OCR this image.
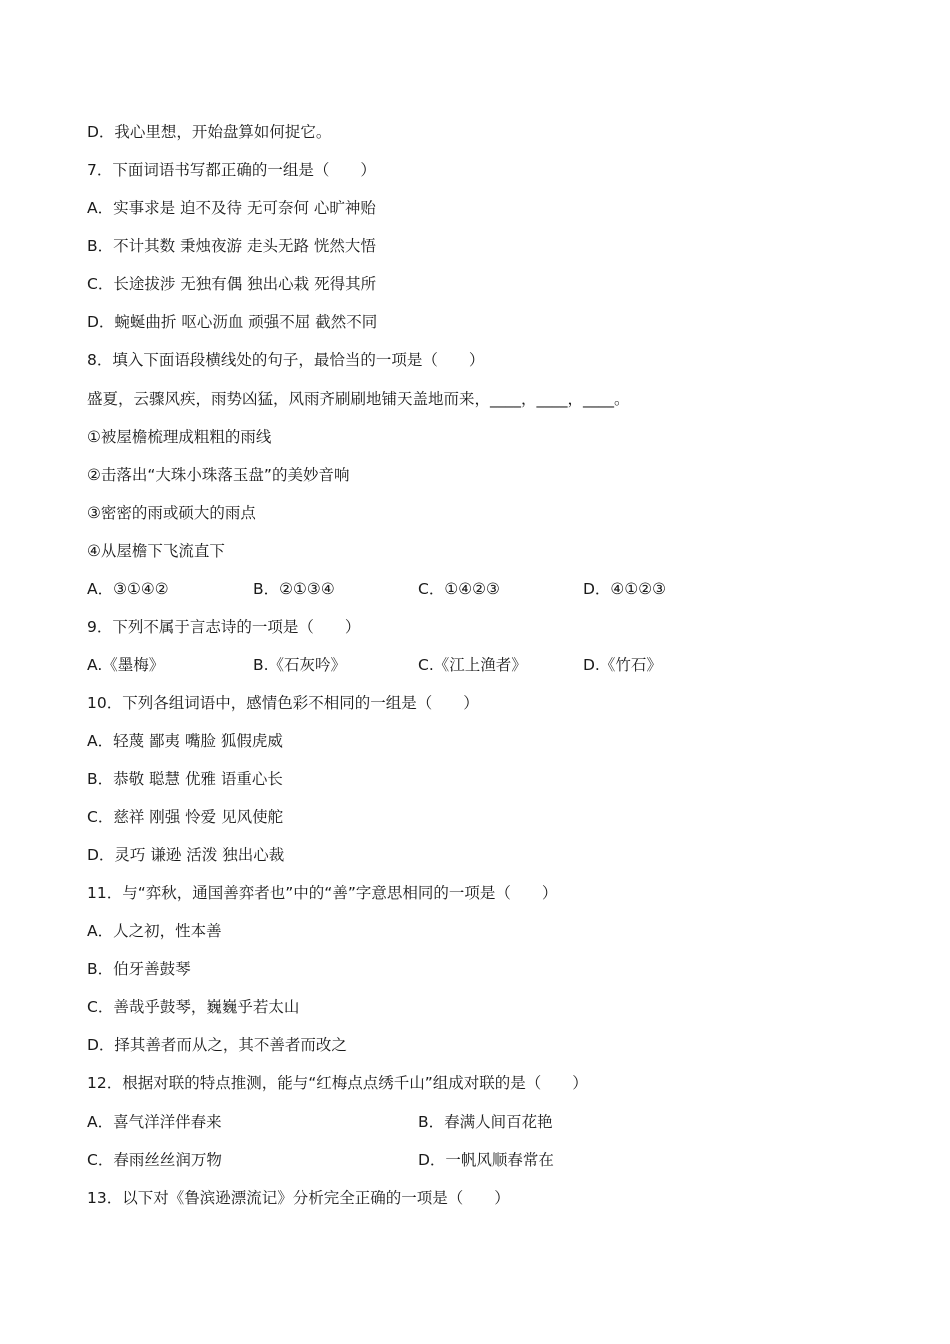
D．我心里想，开始盘算如何捉它。
7．下面词语书写都正确的一组是（　　）
A．实事求是 迫不及待 无可奈何 心旷神贻
B．不计其数 秉烛夜游 走头无路 恍然大悟
C．长途拔涉 无独有偶 独出心栽 死得其所
D．蜿蜒曲折 呕心沥血 顽强不屈 截然不同
8．填入下面语段横线处的句子，最恰当的一项是（　　）
盛夏，云骤风疾，雨势凶猛，风雨齐刷刷地铺天盖地而来，____，____，____。
①被屋檐梳理成粗粗的雨线
②击落出“大珠小珠落玉盘”的美妙音响
③密密的雨或硕大的雨点
④从屋檐下飞流直下
A．③①④②	B．②①③④	C．①④②③	D．④①②③
9．下列不属于言志诗的一项是（　　）
A.《墨梅》	B.《石灰吟》	C.《江上渔者》	D.《竹石》
10．下列各组词语中，感情色彩不相同的一组是（　　）
A．轻蔑 鄙夷 嘴脸 狐假虎威
B．恭敬 聪慧 优雅 语重心长
C．慈祥 刚强 怜爱 见风使舵
D．灵巧 谦逊 活泼 独出心裁
11．与“弈秋，通国善弈者也”中的“善”字意思相同的一项是（　　）
A．人之初，性本善
B．伯牙善鼓琴
C．善哉乎鼓琴，巍巍乎若太山
D．择其善者而从之，其不善者而改之
12．根据对联的特点推测，能与“红梅点点绣千山”组成对联的是（　　）
A．喜气洋洋伴春来	B．春满人间百花艳
C．春雨丝丝润万物	D．一帆风顺春常在
13．以下对《鲁滨逊漂流记》分析完全正确的一项是（　　）
